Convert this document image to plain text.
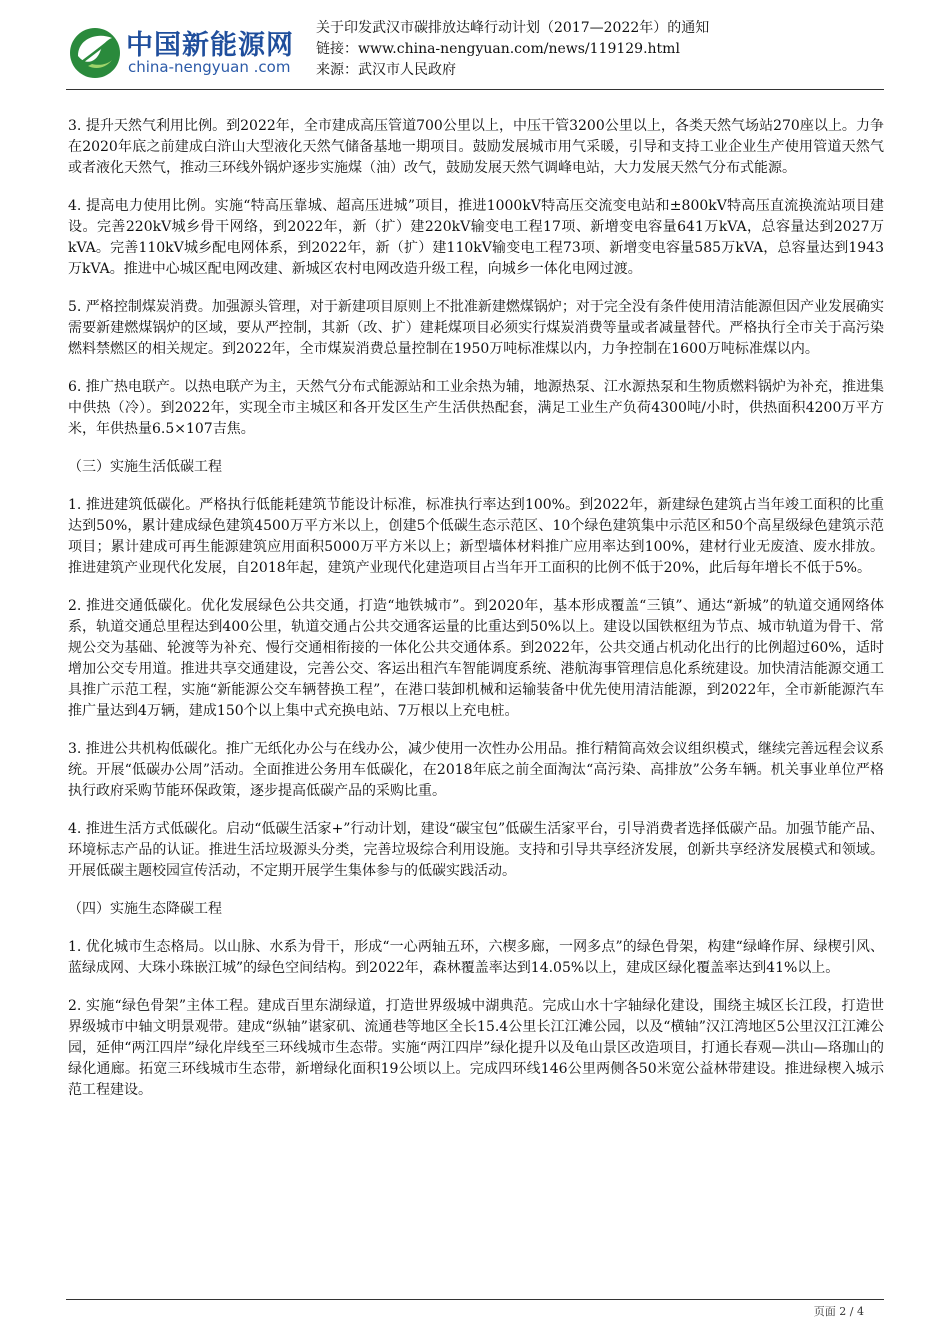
中国新能源网
china-nengyuan .com
关于印发武汉市碳排放达峰行动计划（2017—2022年）的通知
链接：www.china-nengyuan.com/news/119129.html
来源：武汉市人民政府

3. 提升天然气利用比例。到2022年，全市建成高压管道700公里以上，中压干管3200公里以上，各类天然气场站270座以上。力争在2020年底之前建成白浒山大型液化天然气储备基地一期项目。鼓励发展城市用气采暖，引导和支持工业企业生产使用管道天然气或者液化天然气，推动三环线外锅炉逐步实施煤（油）改气，鼓励发展天然气调峰电站，大力发展天然气分布式能源。

4. 提高电力使用比例。实施“特高压靠城、超高压进城”项目，推进1000kV特高压交流变电站和±800kV特高压直流换流站项目建设。完善220kV城乡骨干网络，到2022年，新（扩）建220kV输变电工程17项、新增变电容量641万kVA，总容量达到2027万kVA。完善110kV城乡配电网体系，到2022年，新（扩）建110kV输变电工程73项、新增变电容量585万kVA，总容量达到1943万kVA。推进中心城区配电网改建、新城区农村电网改造升级工程，向城乡一体化电网过渡。

5. 严格控制煤炭消费。加强源头管理，对于新建项目原则上不批准新建燃煤锅炉；对于完全没有条件使用清洁能源但因产业发展确实需要新建燃煤锅炉的区域，要从严控制，其新（改、扩）建耗煤项目必须实行煤炭消费等量或者减量替代。严格执行全市关于高污染燃料禁燃区的相关规定。到2022年，全市煤炭消费总量控制在1950万吨标准煤以内，力争控制在1600万吨标准煤以内。

6. 推广热电联产。以热电联产为主，天然气分布式能源站和工业余热为辅，地源热泵、江水源热泵和生物质燃料锅炉为补充，推进集中供热（冷）。到2022年，实现全市主城区和各开发区生产生活供热配套，满足工业生产负荷4300吨/小时，供热面积4200万平方米，年供热量6.5×107吉焦。

（三）实施生活低碳工程

1. 推进建筑低碳化。严格执行低能耗建筑节能设计标准，标准执行率达到100%。到2022年，新建绿色建筑占当年竣工面积的比重达到50%，累计建成绿色建筑4500万平方米以上，创建5个低碳生态示范区、10个绿色建筑集中示范区和50个高星级绿色建筑示范项目；累计建成可再生能源建筑应用面积5000万平方米以上；新型墙体材料推广应用率达到100%，建材行业无废渣、废水排放。推进建筑产业现代化发展，自2018年起，建筑产业现代化建造项目占当年开工面积的比例不低于20%，此后每年增长不低于5%。

2. 推进交通低碳化。优化发展绿色公共交通，打造“地铁城市”。到2020年，基本形成覆盖“三镇”、通达“新城”的轨道交通网络体系，轨道交通总里程达到400公里，轨道交通占公共交通客运量的比重达到50%以上。建设以国铁枢纽为节点、城市轨道为骨干、常规公交为基础、轮渡等为补充、慢行交通相衔接的一体化公共交通体系。到2022年，公共交通占机动化出行的比例超过60%，适时增加公交专用道。推进共享交通建设，完善公交、客运出租汽车智能调度系统、港航海事管理信息化系统建设。加快清洁能源交通工具推广示范工程，实施“新能源公交车辆替换工程”，在港口装卸机械和运输装备中优先使用清洁能源，到2022年，全市新能源汽车推广量达到4万辆，建成150个以上集中式充换电站、7万根以上充电桩。

3. 推进公共机构低碳化。推广无纸化办公与在线办公，减少使用一次性办公用品。推行精简高效会议组织模式，继续完善远程会议系统。开展“低碳办公周”活动。全面推进公务用车低碳化，在2018年底之前全面淘汰“高污染、高排放”公务车辆。机关事业单位严格执行政府采购节能环保政策，逐步提高低碳产品的采购比重。

4. 推进生活方式低碳化。启动“低碳生活家+”行动计划，建设“碳宝包”低碳生活家平台，引导消费者选择低碳产品。加强节能产品、环境标志产品的认证。推进生活垃圾源头分类，完善垃圾综合利用设施。支持和引导共享经济发展，创新共享经济发展模式和领域。开展低碳主题校园宣传活动，不定期开展学生集体参与的低碳实践活动。

（四）实施生态降碳工程

1. 优化城市生态格局。以山脉、水系为骨干，形成“一心两轴五环，六楔多廊，一网多点”的绿色骨架，构建“绿峰作屏、绿楔引风、蓝绿成网、大珠小珠嵌江城”的绿色空间结构。到2022年，森林覆盖率达到14.05%以上，建成区绿化覆盖率达到41%以上。

2. 实施“绿色骨架”主体工程。建成百里东湖绿道，打造世界级城中湖典范。完成山水十字轴绿化建设，围绕主城区长江段，打造世界级城市中轴文明景观带。建成“纵轴”谌家矶、流通巷等地区全长15.4公里长江江滩公园，以及“横轴”汉江湾地区5公里汉江江滩公园，延伸“两江四岸”绿化岸线至三环线城市生态带。实施“两江四岸”绿化提升以及龟山景区改造项目，打通长春观—洪山—珞珈山的绿化通廊。拓宽三环线城市生态带，新增绿化面积19公顷以上。完成四环线146公里两侧各50米宽公益林带建设。推进绿楔入城示范工程建设。

页面 2 / 4
